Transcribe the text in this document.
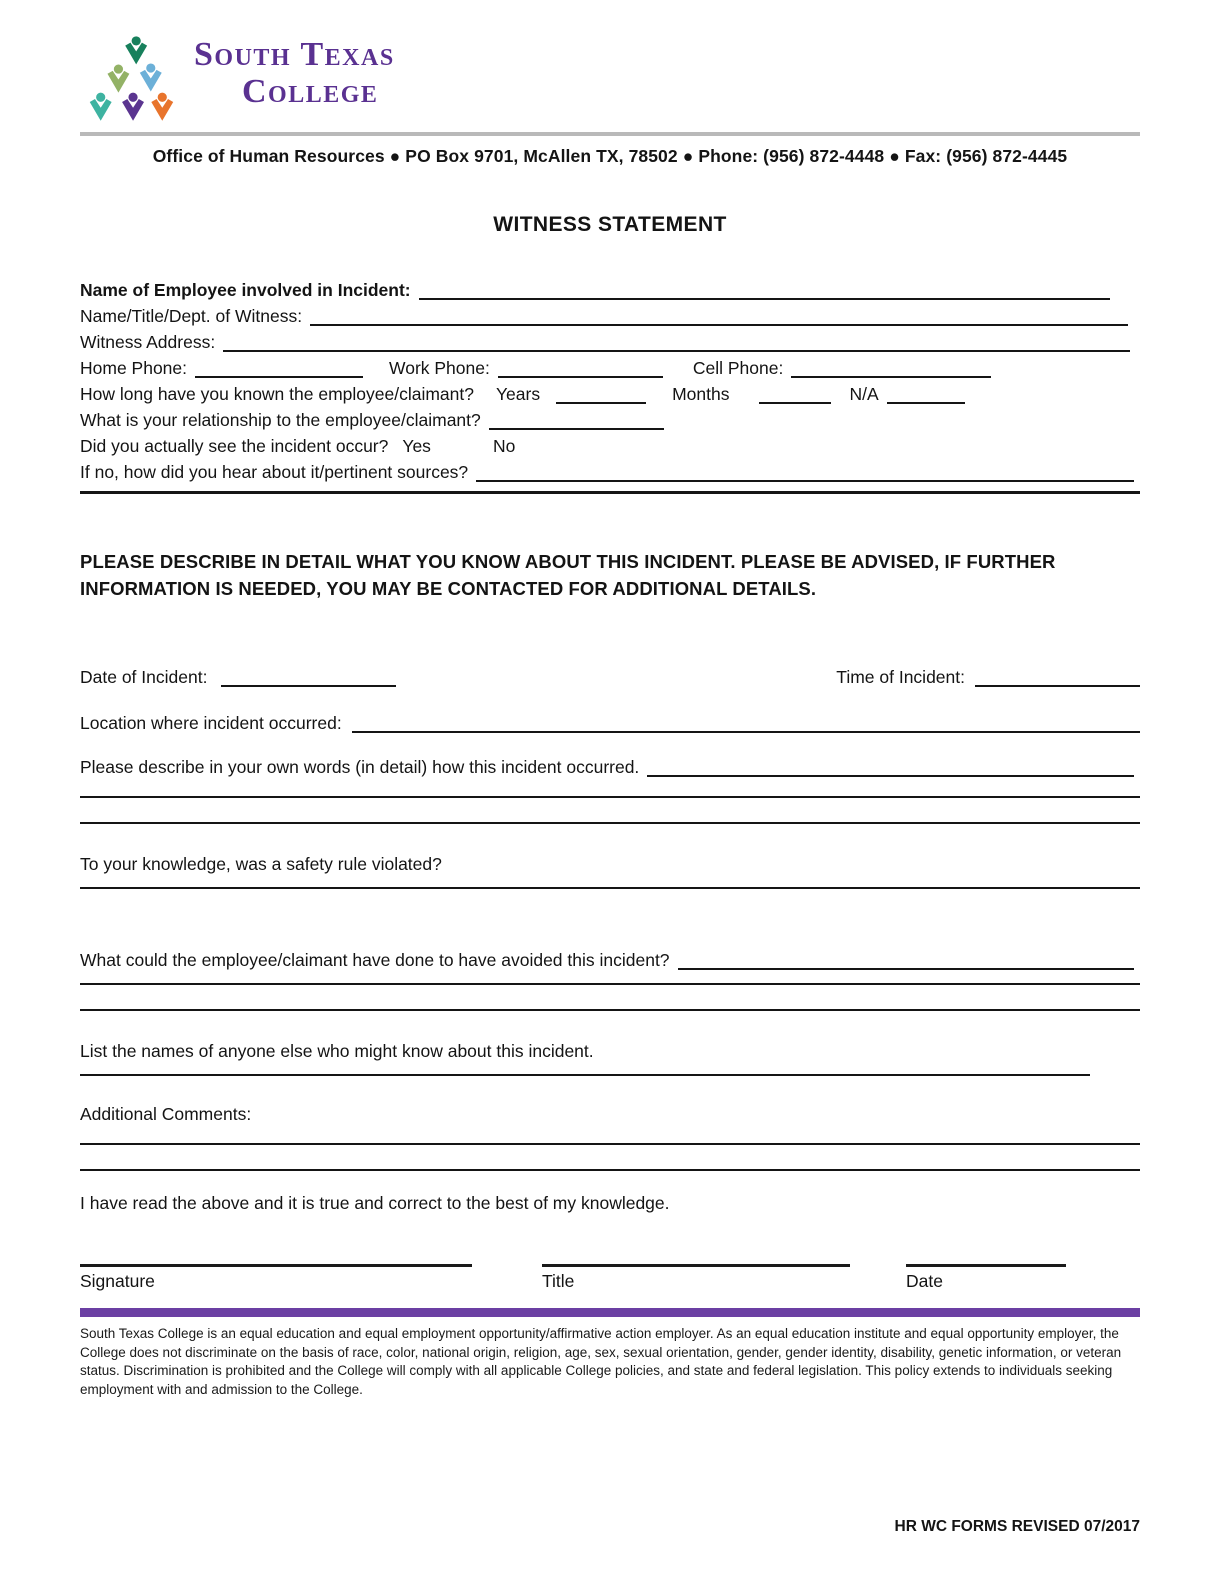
South Texas
College
Office of Human Resources ● PO Box 9701, McAllen TX, 78502 ● Phone: (956) 872-4448 ● Fax: (956) 872-4445
WITNESS STATEMENT
Name of Employee involved in Incident:
Name/Title/Dept. of Witness:
Witness Address:
Home Phone:	Work Phone:	Cell Phone:
How long have you known the employee/claimant? Years	Months	N/A
What is your relationship to the employee/claimant?
Did you actually see the incident occur? Yes	No
If no, how did you hear about it/pertinent sources?
PLEASE DESCRIBE IN DETAIL WHAT YOU KNOW ABOUT THIS INCIDENT. PLEASE BE ADVISED, IF FURTHER INFORMATION IS NEEDED, YOU MAY BE CONTACTED FOR ADDITIONAL DETAILS.
Date of Incident:	Time of Incident:
Location where incident occurred:
Please describe in your own words (in detail) how this incident occurred.
To your knowledge, was a safety rule violated?
What could the employee/claimant have done to have avoided this incident?
List the names of anyone else who might know about this incident.
Additional Comments:
I have read the above and it is true and correct to the best of my knowledge.
Signature	Title	Date
South Texas College is an equal education and equal employment opportunity/affirmative action employer. As an equal education institute and equal opportunity employer, the College does not discriminate on the basis of race, color, national origin, religion, age, sex, sexual orientation, gender, gender identity, disability, genetic information, or veteran status. Discrimination is prohibited and the College will comply with all applicable College policies, and state and federal legislation. This policy extends to individuals seeking employment with and admission to the College.
HR WC FORMS REVISED 07/2017
